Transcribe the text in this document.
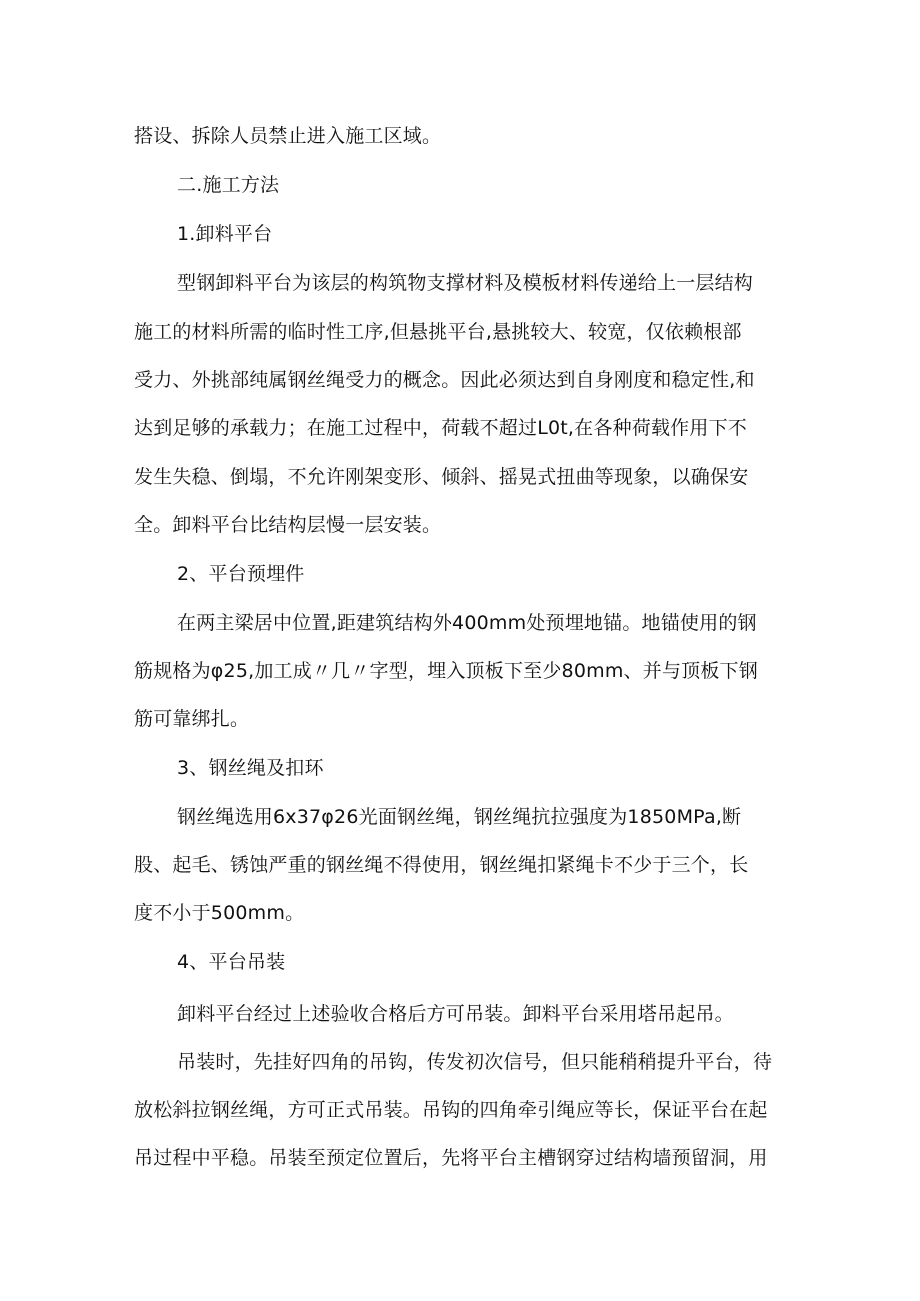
搭设、拆除人员禁止进入施工区域。
二.施工方法
1.卸料平台
型钢卸料平台为该层的构筑物支撑材料及模板材料传递给上一层结构
施工的材料所需的临时性工序,但悬挑平台,悬挑较大、较宽，仅依赖根部
受力、外挑部纯属钢丝绳受力的概念。因此必须达到自身刚度和稳定性,和
达到足够的承载力；在施工过程中，荷载不超过L0t,在各种荷载作用下不
发生失稳、倒塌，不允许刚架变形、倾斜、摇晃式扭曲等现象，以确保安
全。卸料平台比结构层慢一层安装。
2、平台预埋件
在两主梁居中位置,距建筑结构外400mm处预埋地锚。地锚使用的钢
筋规格为φ25,加工成〃几〃字型，埋入顶板下至少80mm、并与顶板下钢
筋可靠绑扎。
3、钢丝绳及扣环
钢丝绳选用6x37φ26光面钢丝绳，钢丝绳抗拉强度为1850MPa,断
股、起毛、锈蚀严重的钢丝绳不得使用，钢丝绳扣紧绳卡不少于三个，长
度不小于500mm。
4、平台吊装
卸料平台经过上述验收合格后方可吊装。卸料平台采用塔吊起吊。
吊装时，先挂好四角的吊钩，传发初次信号，但只能稍稍提升平台，待
放松斜拉钢丝绳，方可正式吊装。吊钩的四角牵引绳应等长，保证平台在起
吊过程中平稳。吊装至预定位置后，先将平台主槽钢穿过结构墙预留洞，用
